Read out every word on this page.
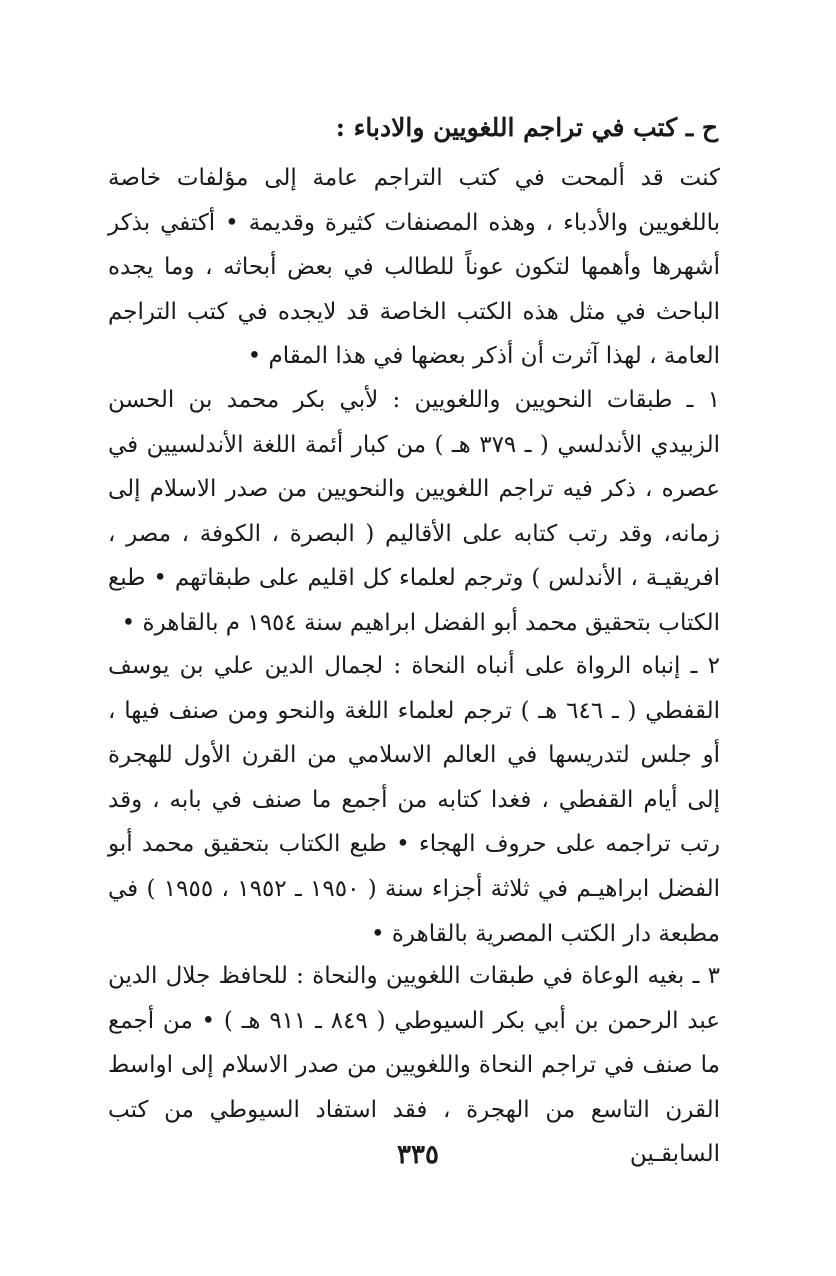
ح ـ كتب في تراجم اللغويين والادباء :

كنت قد ألمحت في كتب التراجم عامة إلى مؤلفات خاصة باللغويين والأدباء ، وهذه المصنفات كثيرة وقديمة • أكتفي بذكر أشهرها وأهمها لتكون عوناً للطالب في بعض أبحاثه ، وما يجده الباحث في مثل هذه الكتب الخاصة قد لايجده في كتب التراجم العامة ، لهذا آثرت أن أذكر بعضها في هذا المقام •

١ ـ طبقات النحويين واللغويين : لأبي بكر محمد بن الحسن الزبيدي الأندلسي ( ـ ٣٧٩ هـ ) من كبار أئمة اللغة الأندلسيين في عصره ، ذكر فيه تراجم اللغويين والنحويين من صدر الاسلام إلى زمانه، وقد رتب كتابه على الأقاليم ( البصرة ، الكوفة ، مصر ، افريقيـة ، الأندلس ) وترجم لعلماء كل اقليم على طبقاتهم • طبع الكتاب بتحقيق محمد أبو الفضل ابراهيم سنة ١٩٥٤ م بالقاهرة •

٢ ـ إنباه الرواة على أنباه النحاة : لجمال الدين علي بن يوسف القفطي ( ـ ٦٤٦ هـ ) ترجم لعلماء اللغة والنحو ومن صنف فيها ، أو جلس لتدريسها في العالم الاسلامي من القرن الأول للهجرة إلى أيام القفطي ، فغدا كتابه من أجمع ما صنف في بابه ، وقد رتب تراجمه على حروف الهجاء • طبع الكتاب بتحقيق محمد أبو الفضل ابراهيـم في ثلاثة أجزاء سنة ( ١٩٥٠ ـ ١٩٥٢ ، ١٩٥٥ ) في مطبعة دار الكتب المصرية بالقاهرة •

٣ ـ بغيه الوعاة في طبقات اللغويين والنحاة : للحافظ جلال الدين عبد الرحمن بن أبي بكر السيوطي ( ٨٤٩ ـ ٩١١ هـ ) • من أجمع ما صنف في تراجم النحاة واللغويين من صدر الاسلام إلى اواسط القرن التاسع من الهجرة ، فقد استفاد السيوطي من كتب السابقـين

٣٣٥
